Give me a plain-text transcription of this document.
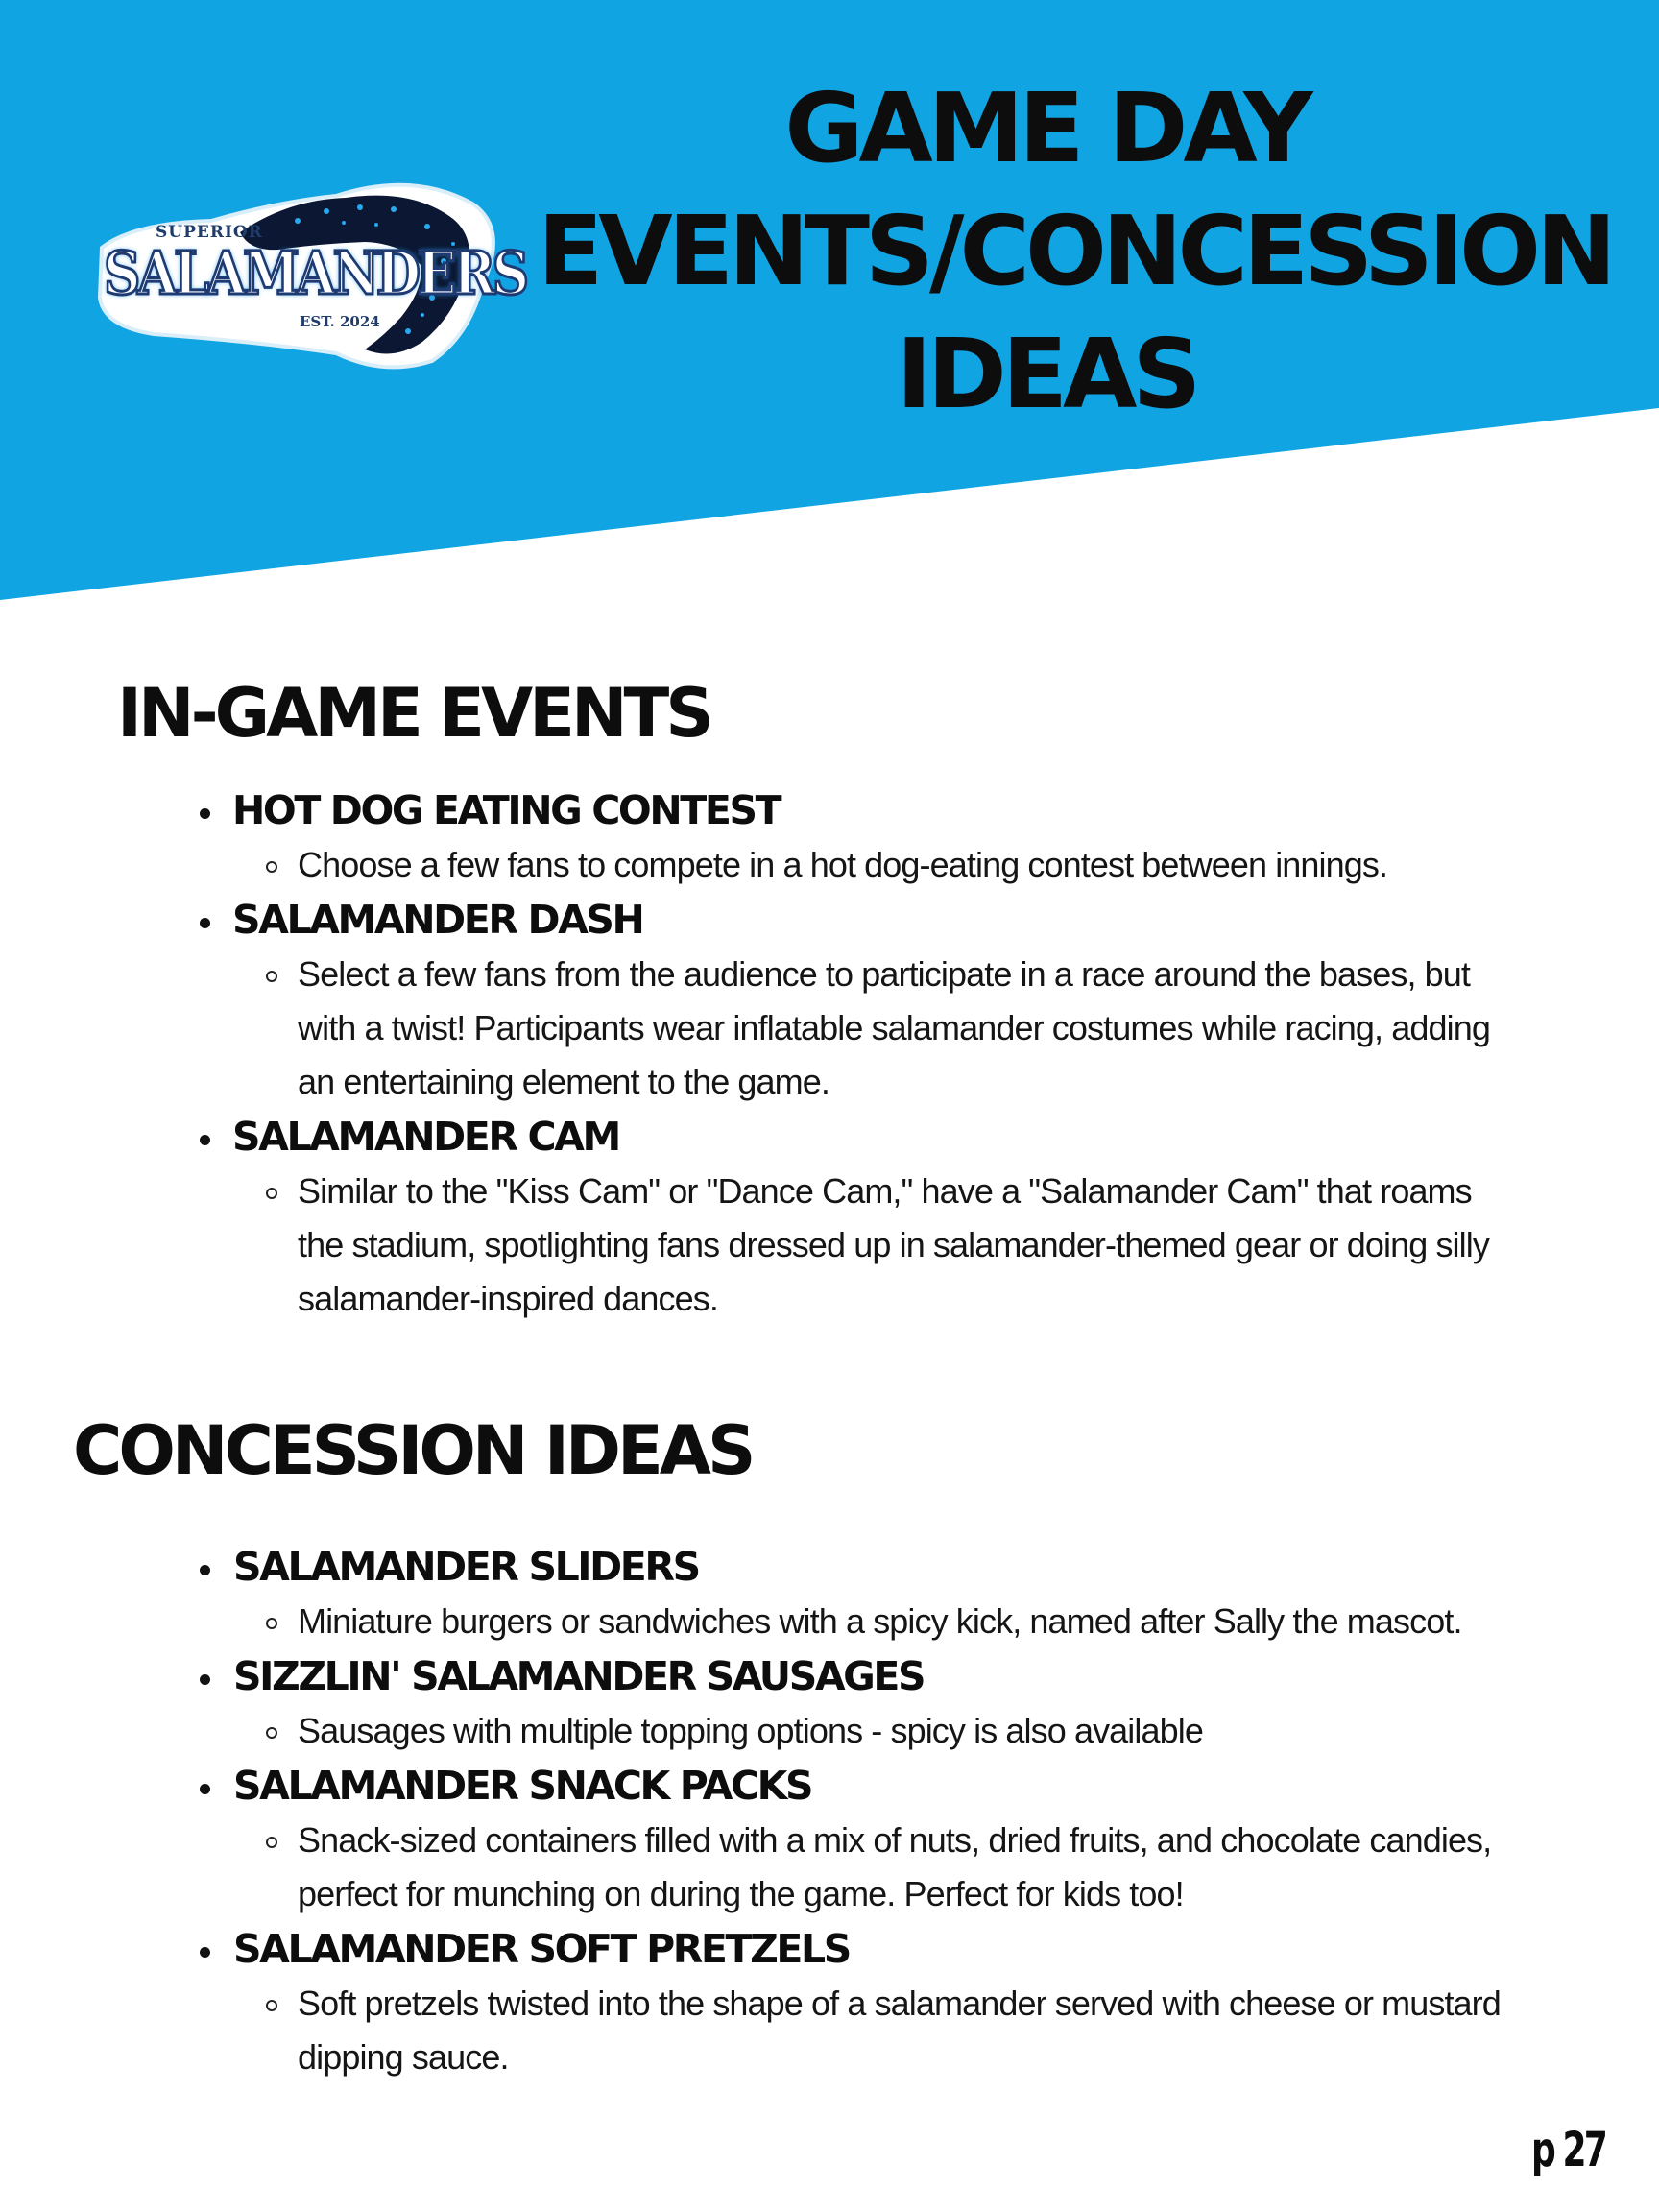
SUPERIOR
SALAMANDERS
EST. 2024
GAME DAY
EVENTS/CONCESSION
IDEAS
IN-GAME EVENTS
HOT DOG EATING CONTEST
Choose a few fans to compete in a hot dog-eating contest between innings.
SALAMANDER DASH
Select a few fans from the audience to participate in a race around the bases, but with a twist! Participants wear inflatable salamander costumes while racing, adding an entertaining element to the game.
SALAMANDER CAM
Similar to the "Kiss Cam" or "Dance Cam," have a "Salamander Cam" that roams the stadium, spotlighting fans dressed up in salamander-themed gear or doing silly salamander-inspired dances.
CONCESSION IDEAS
SALAMANDER SLIDERS
Miniature burgers or sandwiches with a spicy kick, named after Sally the mascot.
SIZZLIN' SALAMANDER SAUSAGES
Sausages with multiple topping options - spicy is also available
SALAMANDER SNACK PACKS
Snack-sized containers filled with a mix of nuts, dried fruits, and chocolate candies, perfect for munching on during the game. Perfect for kids too!
SALAMANDER SOFT PRETZELS
Soft pretzels twisted into the shape of a salamander served with cheese or mustard dipping sauce.
p 27
